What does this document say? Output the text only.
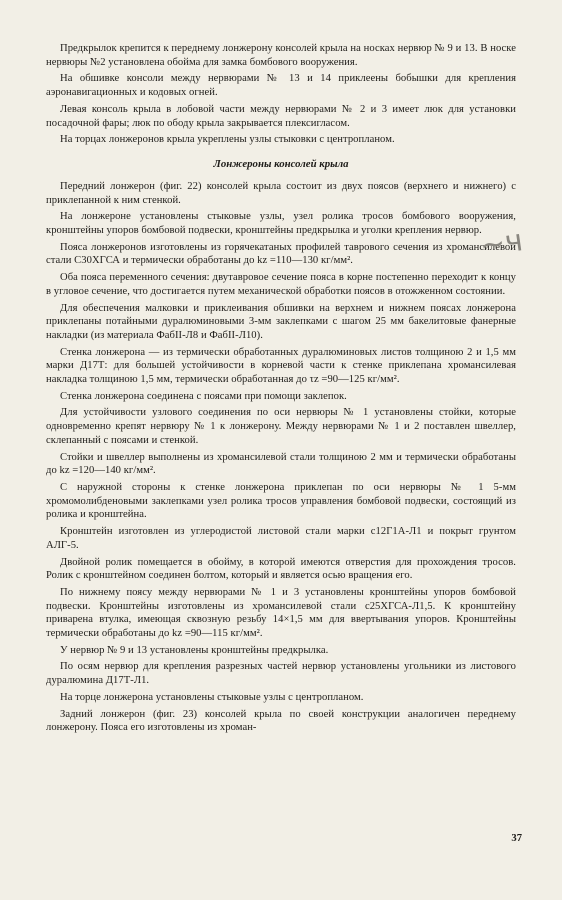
Предкрылок крепится к переднему лонжерону консолей крыла на носках нервюр № 9 и 13. В носке нервюры №2 установлена обойма для замка бомбового вооружения.

На обшивке консоли между нервюрами № 13 и 14 приклеены бобышки для крепления аэронавигационных и кодовых огней.

Левая консоль крыла в лобовой части между нервюрами № 2 и 3 имеет люк для установки посадочной фары; люк по ободу крыла закрывается плексигласом.

На торцах лонжеронов крыла укреплены узлы стыковки с центропланом.

Лонжероны консолей крыла

Передний лонжерон (фиг. 22) консолей крыла состоит из двух поясов (верхнего и нижнего) с приклепанной к ним стенкой.

На лонжероне установлены стыковые узлы, узел ролика тросов бомбового вооружения, кронштейны упоров бомбовой подвески, кронштейны предкрылка и уголки крепления нервюр.

Пояса лонжеронов изготовлены из горячекатаных профилей таврового сечения из хромансилевой стали С30ХГСА и термически обработаны до kz =110—130 кг/мм².

Оба пояса переменного сечения: двутавровое сечение пояса в корне постепенно переходит к концу в угловое сечение, что достигается путем механической обработки поясов в отожженном состоянии.

Для обеспечения малковки и приклеивания обшивки на верхнем и нижнем поясах лонжерона приклепаны потайными дуралюминовыми 3-мм заклепками с шагом 25 мм бакелитовые фанерные накладки (из материала ФабII-Л8 и ФабII-Л10).

Стенка лонжерона — из термически обработанных дуралюминовых листов толщиною 2 и 1,5 мм марки Д17Т: для большей устойчивости в корневой части к стенке приклепана хромансилевая накладка толщиною 1,5 мм, термически обработанная до τz =90—125 кг/мм².

Стенка лонжерона соединена с поясами при помощи заклепок.

Для устойчивости узлового соединения по оси нервюры № 1 установлены стойки, которые одновременно крепят нервюру № 1 к лонжерону. Между нервюрами № 1 и 2 поставлен швеллер, склепанный с поясами и стенкой.

Стойки и швеллер выполнены из хромансилевой стали толщиною 2 мм и термически обработаны до kz =120—140 кг/мм².

С наружной стороны к стенке лонжерона приклепан по оси нервюры № 1 5-мм хромомолибденовыми заклепками узел ролика тросов управления бомбовой подвески, состоящий из ролика и кронштейна.

Кронштейн изготовлен из углеродистой листовой стали марки с12Г1А-Л1 и покрыт грунтом АЛГ-5.

Двойной ролик помещается в обойму, в которой имеются отверстия для прохождения тросов. Ролик с кронштейном соединен болтом, который и является осью вращения его.

По нижнему поясу между нервюрами № 1 и 3 установлены кронштейны упоров бомбовой подвески. Кронштейны изготовлены из хромансилевой стали с25ХГСА-Л1,5. К кронштейну приварена втулка, имеющая сквозную резьбу 14×1,5 мм для ввертывания упоров. Кронштейны термически обработаны до kz =90—115 кг/мм².

У нервюр № 9 и 13 установлены кронштейны предкрылка.

По осям нервюр для крепления разрезных частей нервюр установлены угольники из листового дуралюмина Д17Т-Л1.

На торце лонжерона установлены стыковые узлы с центропланом.

Задний лонжерон (фиг. 23) консолей крыла по своей конструкции аналогичен переднему лонжерону. Пояса его изготовлены из хроман-

37
~ч
